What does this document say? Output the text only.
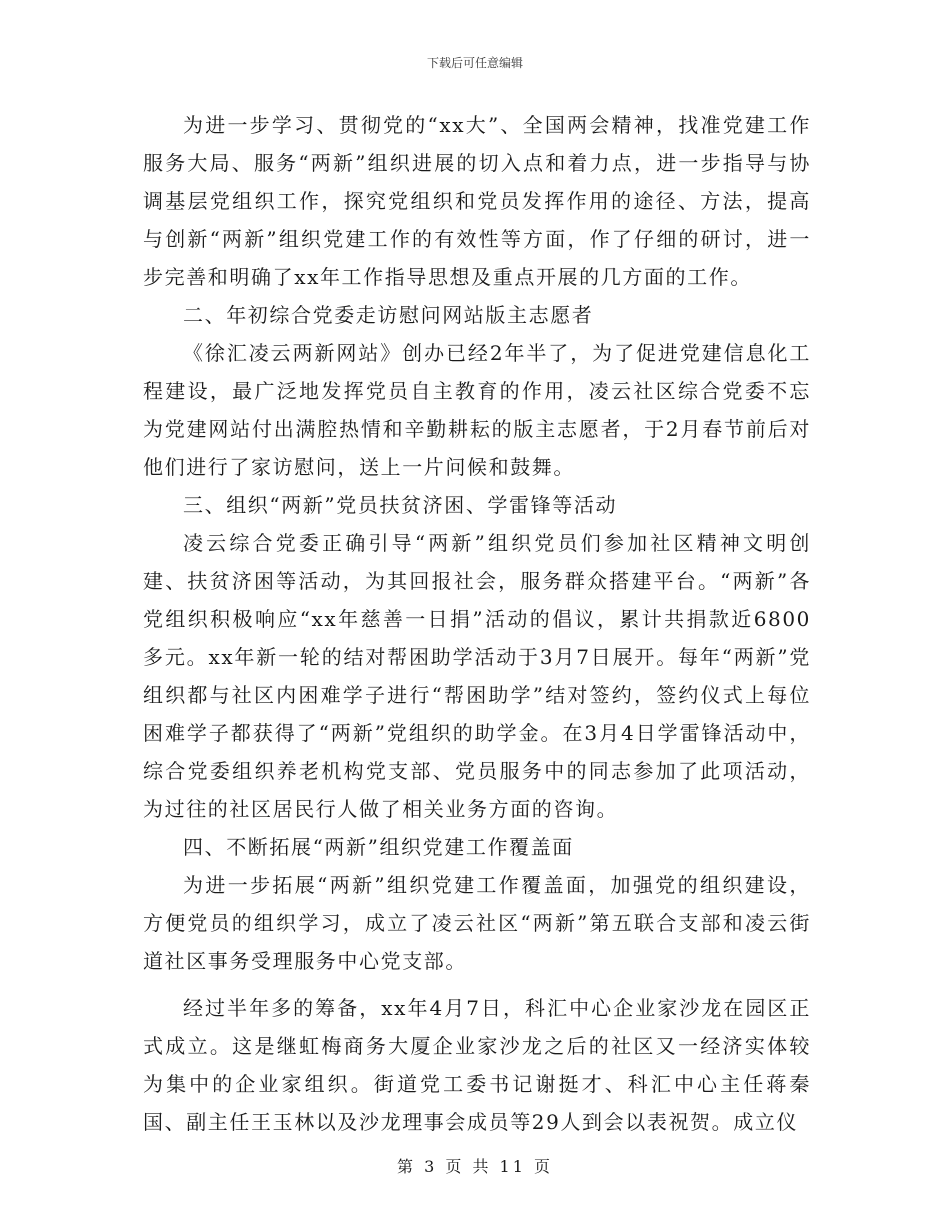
下载后可任意编辑

为进一步学习、贯彻党的“xx大”、全国两会精神，找准党建工作服务大局、服务“两新”组织进展的切入点和着力点，进一步指导与协调基层党组织工作，探究党组织和党员发挥作用的途径、方法，提高与创新“两新”组织党建工作的有效性等方面，作了仔细的研讨，进一步完善和明确了xx年工作指导思想及重点开展的几方面的工作。

二、年初综合党委走访慰问网站版主志愿者

《徐汇凌云两新网站》创办已经2年半了，为了促进党建信息化工程建设，最广泛地发挥党员自主教育的作用，凌云社区综合党委不忘为党建网站付出满腔热情和辛勤耕耘的版主志愿者，于2月春节前后对他们进行了家访慰问，送上一片问候和鼓舞。

三、组织“两新”党员扶贫济困、学雷锋等活动

凌云综合党委正确引导“两新”组织党员们参加社区精神文明创建、扶贫济困等活动，为其回报社会，服务群众搭建平台。“两新”各党组织积极响应“xx年慈善一日捐”活动的倡议，累计共捐款近6800多元。xx年新一轮的结对帮困助学活动于3月7日展开。每年“两新”党组织都与社区内困难学子进行“帮困助学”结对签约，签约仪式上每位困难学子都获得了“两新”党组织的助学金。在3月4日学雷锋活动中，综合党委组织养老机构党支部、党员服务中的同志参加了此项活动，为过往的社区居民行人做了相关业务方面的咨询。

四、不断拓展“两新”组织党建工作覆盖面

为进一步拓展“两新”组织党建工作覆盖面，加强党的组织建设，方便党员的组织学习，成立了凌云社区“两新”第五联合支部和凌云街道社区事务受理服务中心党支部。

经过半年多的筹备，xx年4月7日，科汇中心企业家沙龙在园区正式成立。这是继虹梅商务大厦企业家沙龙之后的社区又一经济实体较为集中的企业家组织。街道党工委书记谢挺才、科汇中心主任蒋秦国、副主任王玉林以及沙龙理事会成员等29人到会以表祝贺。成立仪

第 3 页 共 11 页
